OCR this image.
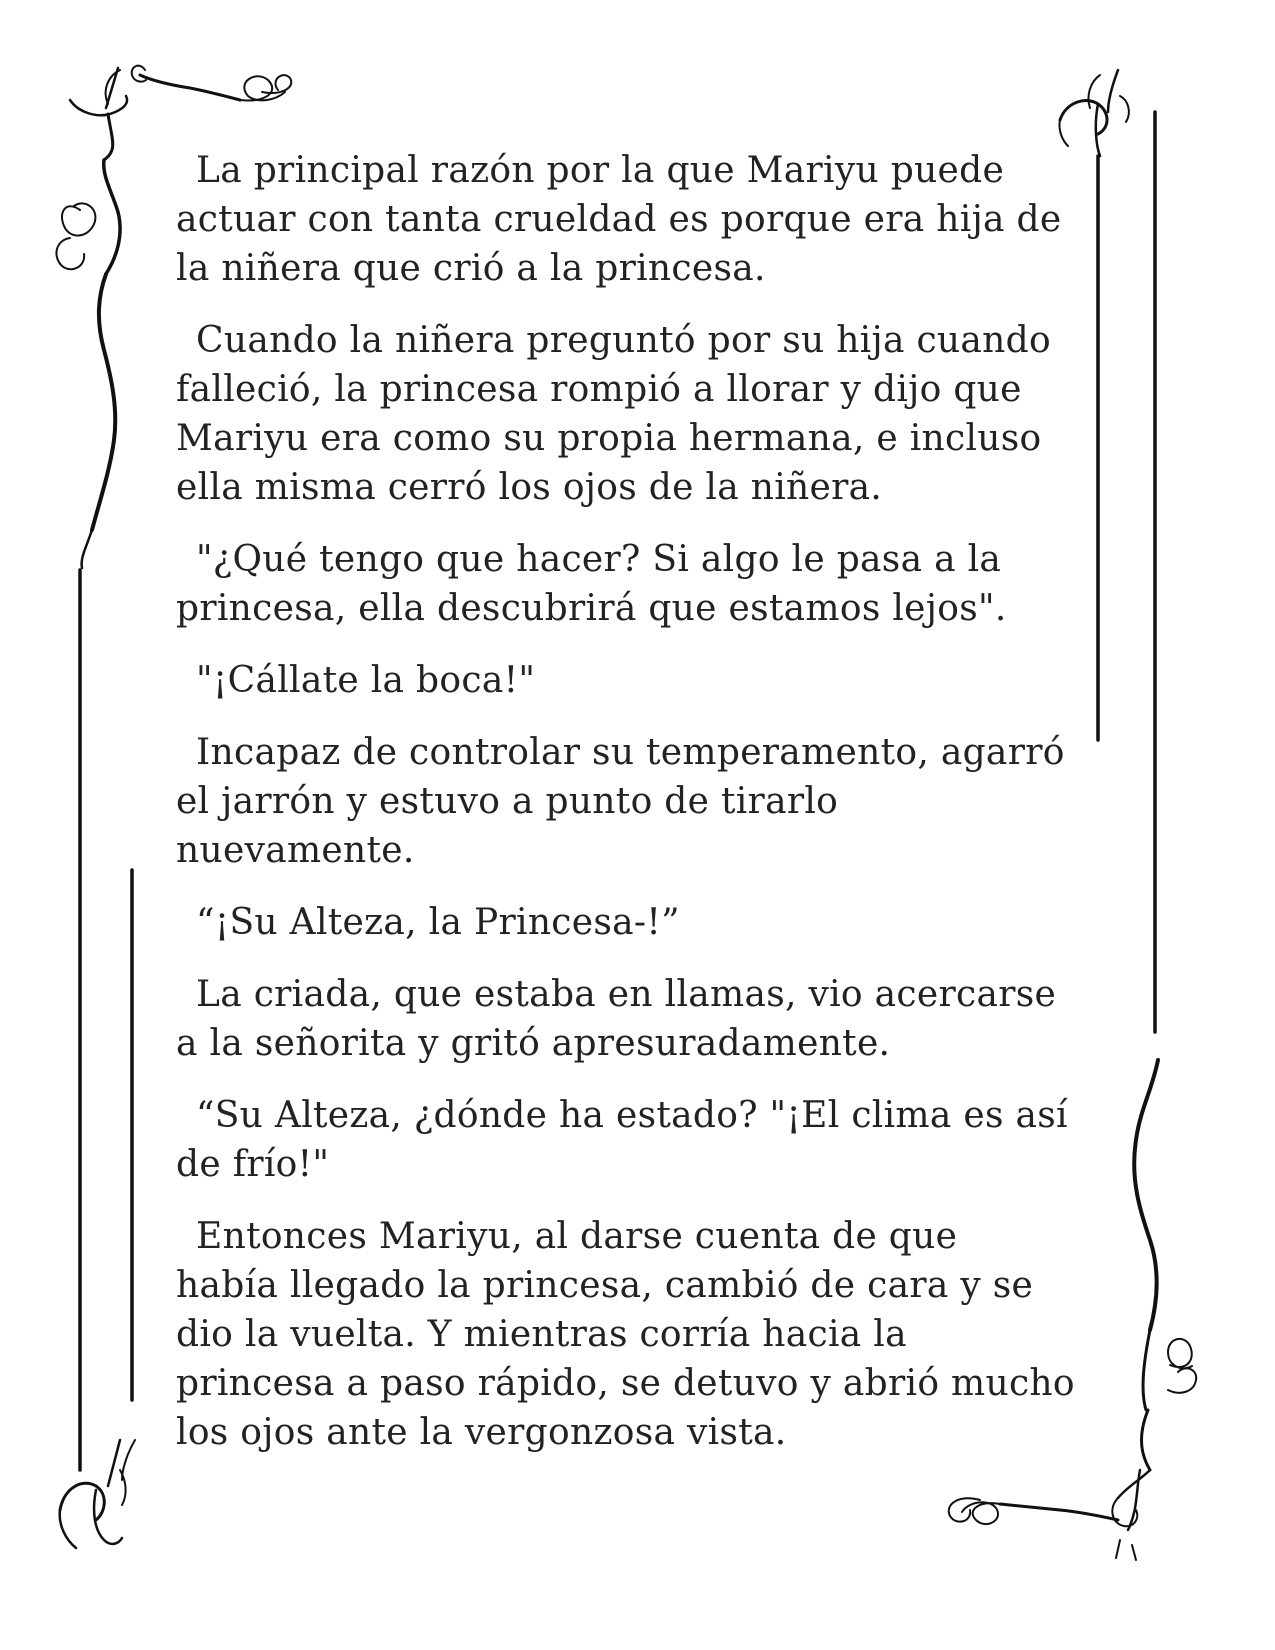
La principal razón por la que Mariyu puede
actuar con tanta crueldad es porque era hija de
la niñera que crió a la princesa.

Cuando la niñera preguntó por su hija cuando
falleció, la princesa rompió a llorar y dijo que
Mariyu era como su propia hermana, e incluso
ella misma cerró los ojos de la niñera.

"¿Qué tengo que hacer? Si algo le pasa a la
princesa, ella descubrirá que estamos lejos".

"¡Cállate la boca!"

Incapaz de controlar su temperamento, agarró
el jarrón y estuvo a punto de tirarlo
nuevamente.

“¡Su Alteza, la Princesa-!”

La criada, que estaba en llamas, vio acercarse
a la señorita y gritó apresuradamente.

“Su Alteza, ¿dónde ha estado? "¡El clima es así
de frío!"

Entonces Mariyu, al darse cuenta de que
había llegado la princesa, cambió de cara y se
dio la vuelta. Y mientras corría hacia la
princesa a paso rápido, se detuvo y abrió mucho
los ojos ante la vergonzosa vista.
